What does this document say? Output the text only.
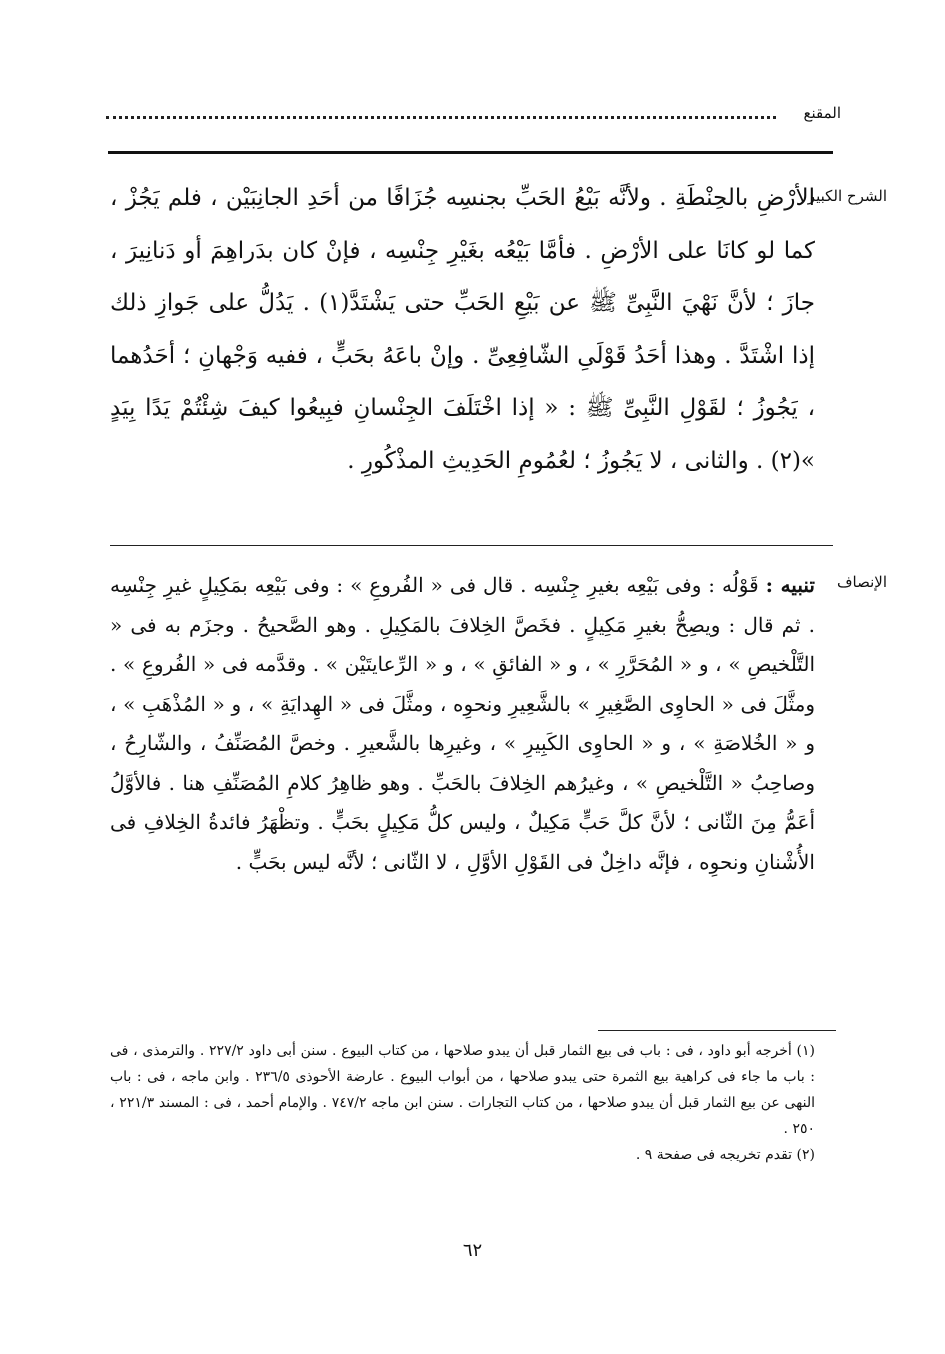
المقنع
الشرح الكبير
الأرْضِ بالحِنْطَةِ . ولأنَّه بَيْعُ الحَبِّ بجنسِه جُزَافًا من أحَدِ الجانِبَيْن ، فلم يَجُزْ ، كما لو كانَا على الأرْضِ . فأمَّا بَيْعُه بغَيْرِ جِنْسِه ، فإنْ كان بدَراهِمَ أو دَنانِيرَ ، جازَ ؛ لأنَّ نَهْيَ النَّبِىِّ ﷺ عن بَيْعِ الحَبِّ حتى يَشْتَدَّ(١) . يَدُلُّ على جَوازِ ذلك إذا اشْتَدَّ . وهذا أحَدُ قَوْلَىِ الشّافِعِىِّ . وإنْ باعَهُ بحَبٍّ ، ففيه وَجْهانِ ؛ أحَدُهما ، يَجُوزُ ؛ لقَوْلِ النَّبِىِّ ﷺ : « إذا اخْتَلَفَ الجِنْسانِ فبِيعُوا كيفَ شِئْتُمْ يَدًا بِيَدٍ »(٢) . والثانى ، لا يَجُوزُ ؛ لعُمُومِ الحَدِيثِ المذْكُورِ .
الإنصاف
تنبيه : قَوْلُه : وفى بَيْعِه بغيرِ جِنْسِه . قال فى « الفُروعِ » : وفى بَيْعِه بمَكِيلٍ غيرِ جِنْسِه . ثم قال : ويصِحُّ بغيرِ مَكِيلٍ . فخَصَّ الخِلافَ بالمَكِيلِ . وهو الصَّحيحُ . وجزَم به فى « التَّلْخيصِ » ، و « المُحَرَّرِ » ، و « الفائقِ » ، و « الرِّعايتَيْن » . وقدَّمه فى « الفُروعِ » . ومثَّلَ فى « الحاوِى الصَّغِيرِ » بالشَّعِيرِ ونحوِه ، ومثَّلَ فى « الهِدايَةِ » ، و « المُذْهَبِ » ، و « الخُلاصَةِ » ، و « الحاوِى الكَبِيرِ » ، وغيرِها بالشَّعيرِ . وخصَّ المُصَنِّفُ ، والشّارِحُ ، وصاحِبُ « التَّلْخيصِ » ، وغيرُهم الخِلافَ بالحَبِّ . وهو ظاهِرُ كلامِ المُصَنِّفِ هنا . فالأوَّلُ أعَمُّ مِنَ الثّانى ؛ لأنَّ كلَّ حَبٍّ مَكِيلٌ ، وليس كلُّ مَكِيلٍ بحَبٍّ . وتظْهَرُ فائدةُ الخِلافِ فى الأُشْنانِ ونحوِه ، فإنَّه داخِلٌ فى القَوْلِ الأوَّلِ ، لا الثّانى ؛ لأنَّه ليس بحَبٍّ .

(١) أخرجه أبو داود ، فى : باب فى بيع الثمار قبل أن يبدو صلاحها ، من كتاب البيوع . سنن أبى داود ٢٢٧/٢ . والترمذى ، فى : باب ما جاء فى كراهية بيع الثمرة حتى يبدو صلاحها ، من أبواب البيوع . عارضة الأحوذى ٢٣٦/٥ . وابن ماجه ، فى : باب النهى عن بيع الثمار قبل أن يبدو صلاحها ، من كتاب التجارات . سنن ابن ماجه ٧٤٧/٢ . والإمام أحمد ، فى : المسند ٢٢١/٣ ، ٢٥٠ .

(٢) تقدم تخريجه فى صفحة ٩ .

٦٢
